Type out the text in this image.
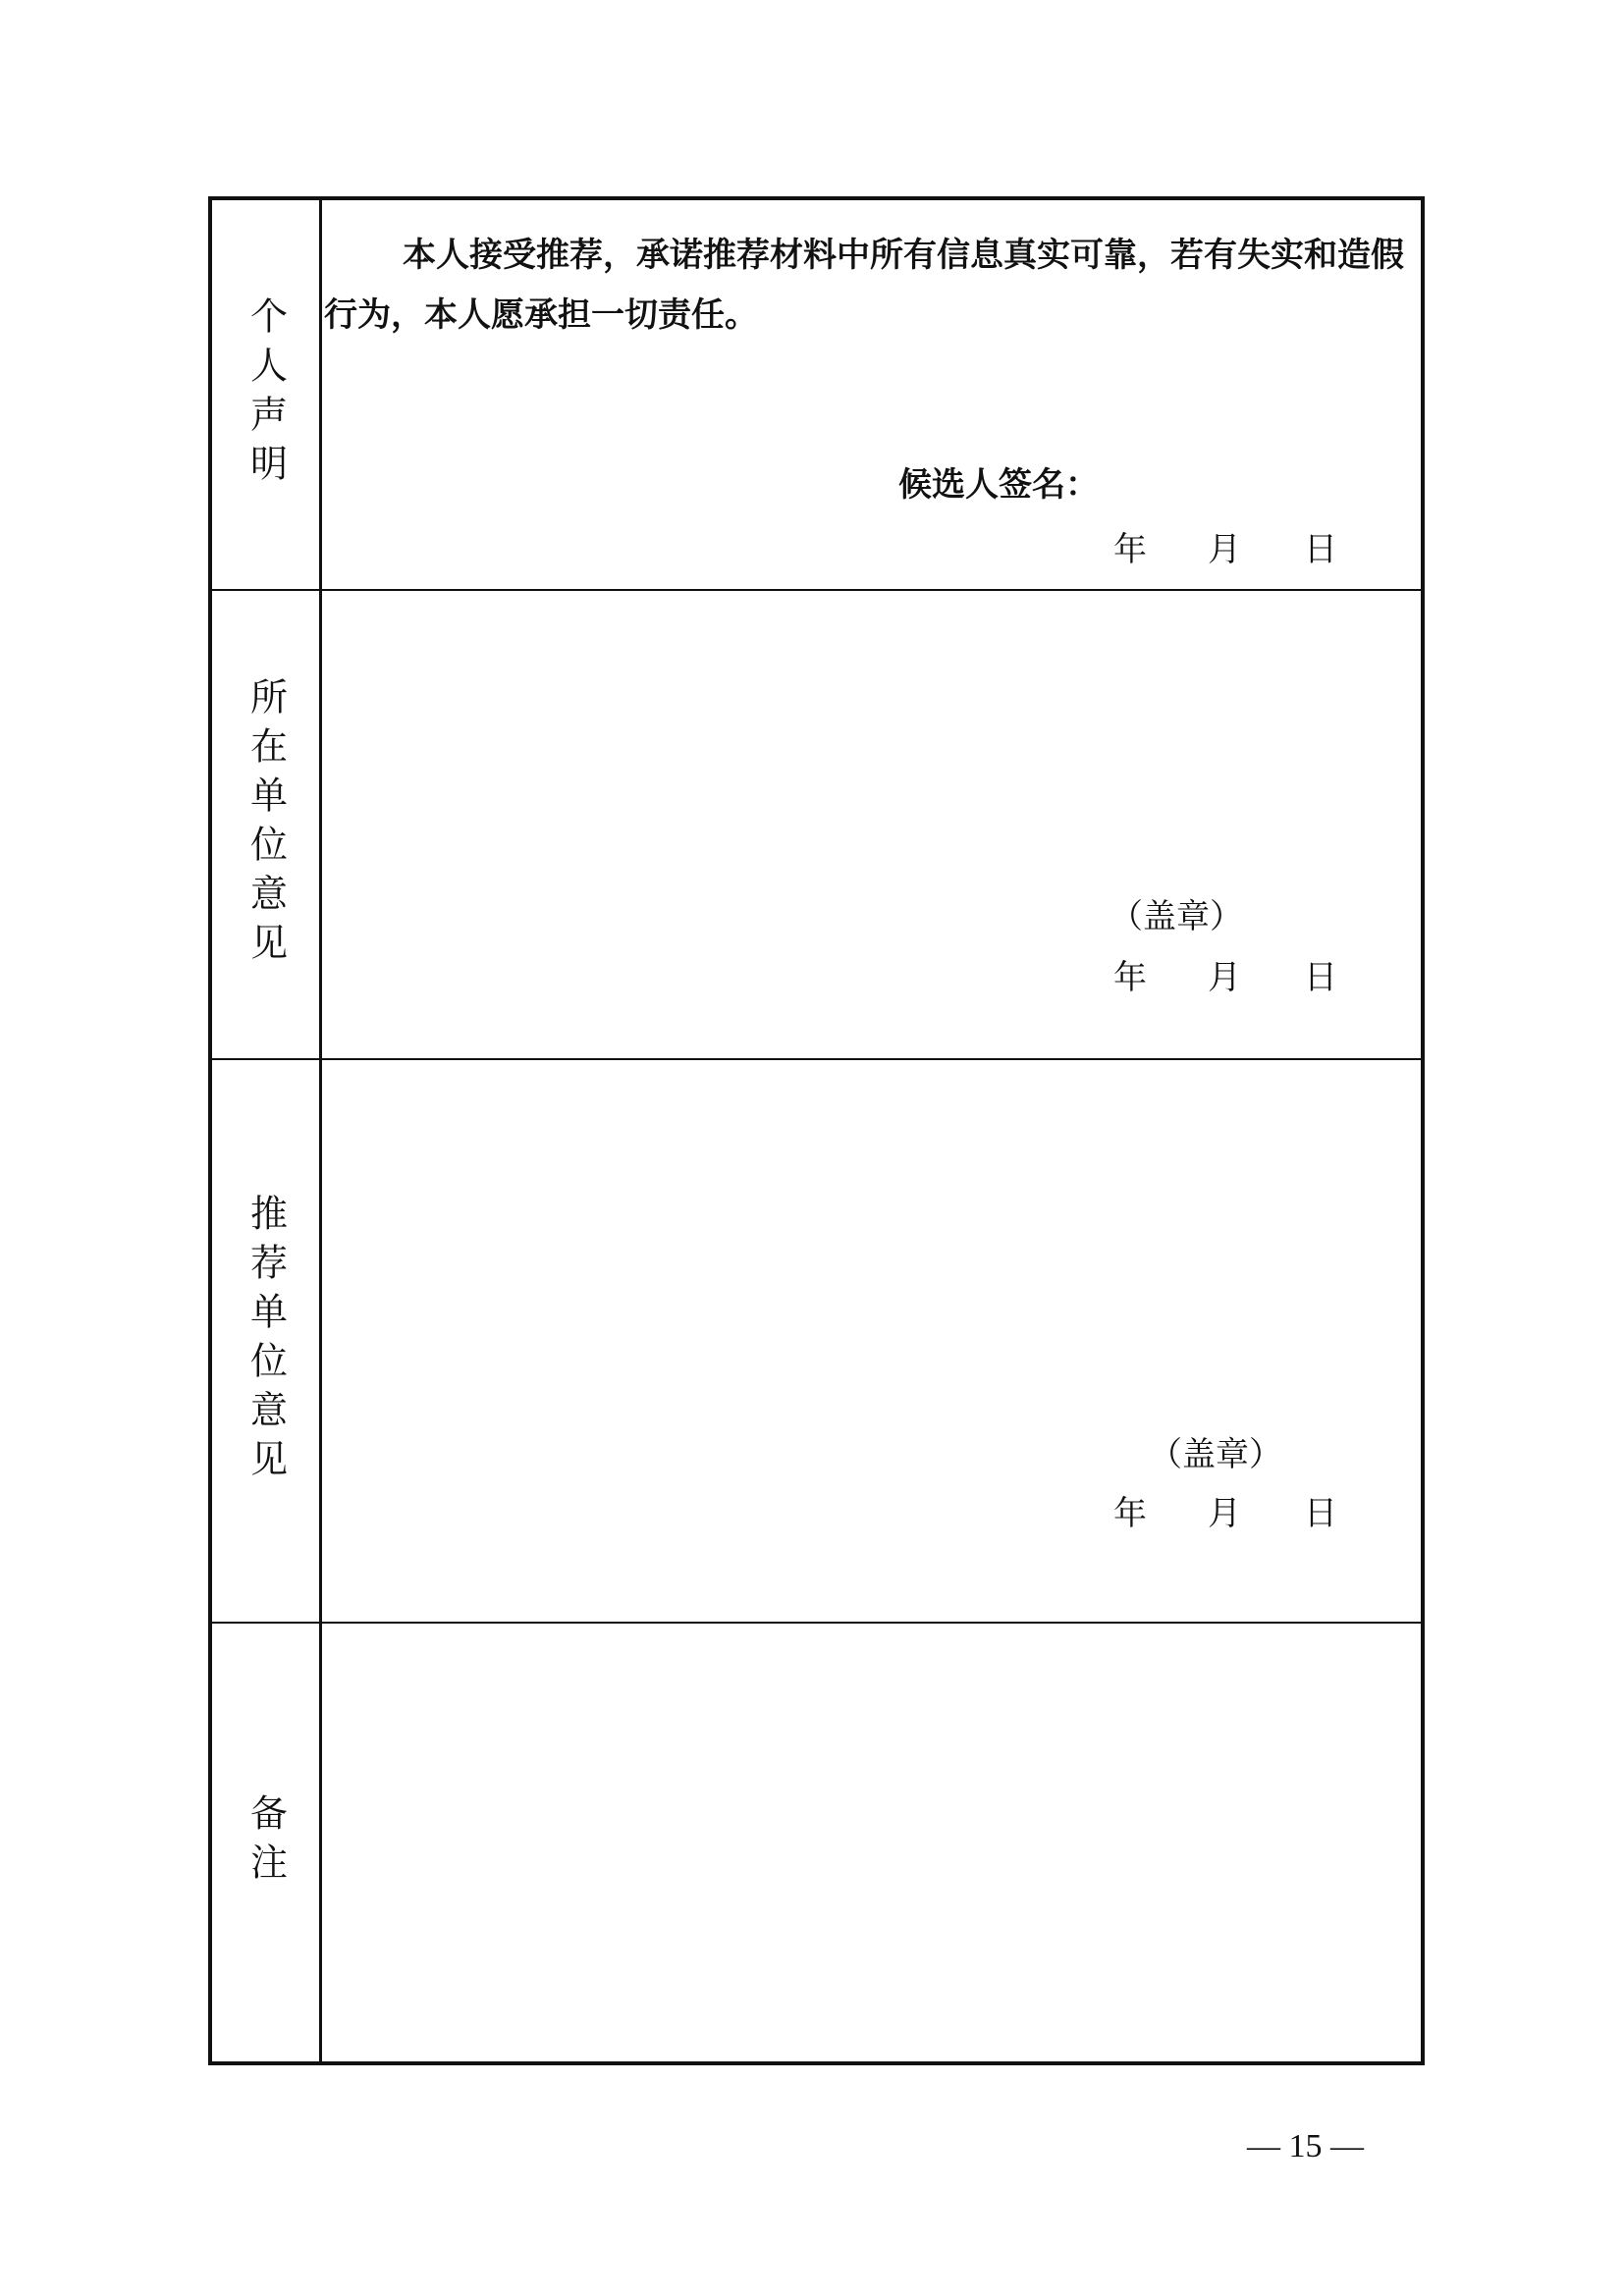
个人声明

本人接受推荐，承诺推荐材料中所有信息真实可靠，若有失实和造假行为，本人愿承担一切责任。

候选人签名：
年 月 日
所在单位意见	（盖章）
年 月 日
推荐单位意见	（盖章）
年 月 日
备注
— 15 —
